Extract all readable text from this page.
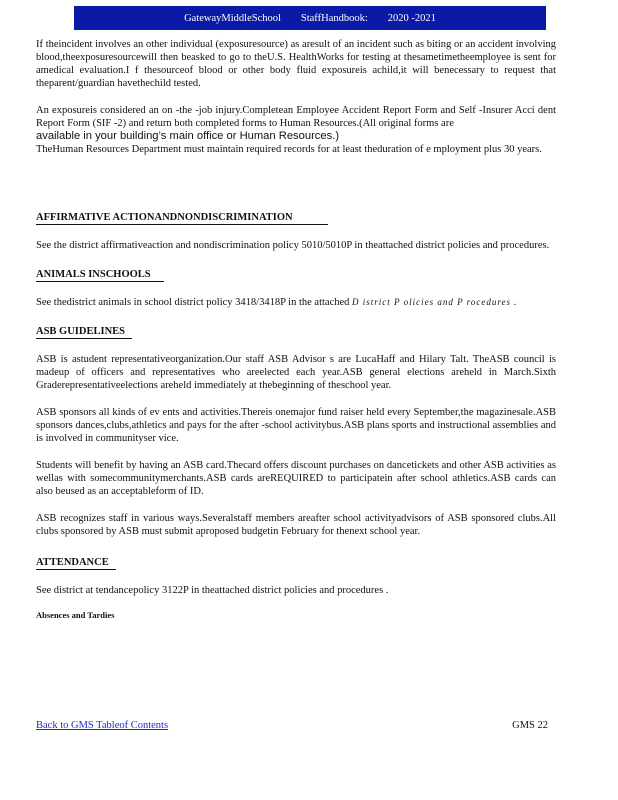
GatewayMiddleSchool StaffHandbook: 2020 -2021

If theincident involves an other individual (exposuresource) as aresult of an incident such as biting or an accident involving blood,theexposuresourcewill then beasked to go to theU.S. HealthWorks for testing at thesametimetheemployee is sent for amedical evaluation.I f thesourceof blood or other body fluid exposureis achild,it will benecessary to request that theparent/guardian havethechild tested.

An exposureis considered an on -the -job injury.Completean Employee Accident Report Form and Self -Insurer Acci dent Report Form (SIF -2) and return both completed forms to Human Resources.(All original forms are

available in your building’s main office or Human Resources.)

TheHuman Resources Department must maintain required records for at least theduration of e mployment plus 30 years.

AFFIRMATIVE ACTIONANDNONDISCRIMINATION

See the district affirmativeaction and nondiscrimination policy 5010/5010P in theattached district policies and procedures.

ANIMALS INSCHOOLS

See thedistrict animals in school district policy 3418/3418P in the attached D istrict P olicies and P rocedures .

ASB GUIDELINES

ASB is astudent representativeorganization.Our staff ASB Advisor s are LucaHaff and Hilary Talt. TheASB council is madeup of officers and representatives who areelected each year.ASB general elections areheld in March.Sixth Graderepresentativeelections areheld immediately at thebeginning of theschool year.

ASB sponsors all kinds of ev ents and activities.Thereis onemajor fund raiser held every September,the magazinesale.ASB sponsors dances,clubs,athletics and pays for the after -school activitybus.ASB plans sports and instructional assemblies and is involved in communityser vice.

Students will benefit by having an ASB card.Thecard offers discount purchases on dancetickets and other ASB activities as wellas with somecommunitymerchants.ASB cards areREQUIRED to participatein after school athletics.ASB cards can also beused as an acceptableform of ID.

ASB recognizes staff in various ways.Severalstaff members areafter school activityadvisors of ASB sponsored clubs.All clubs sponsored by ASB must submit aproposed budgetin February for thenext school year.

ATTENDANCE

See district at tendancepolicy 3122P in theattached district policies and procedures .

Absences and Tardies

Back to GMS Tableof Contents	GMS 22
